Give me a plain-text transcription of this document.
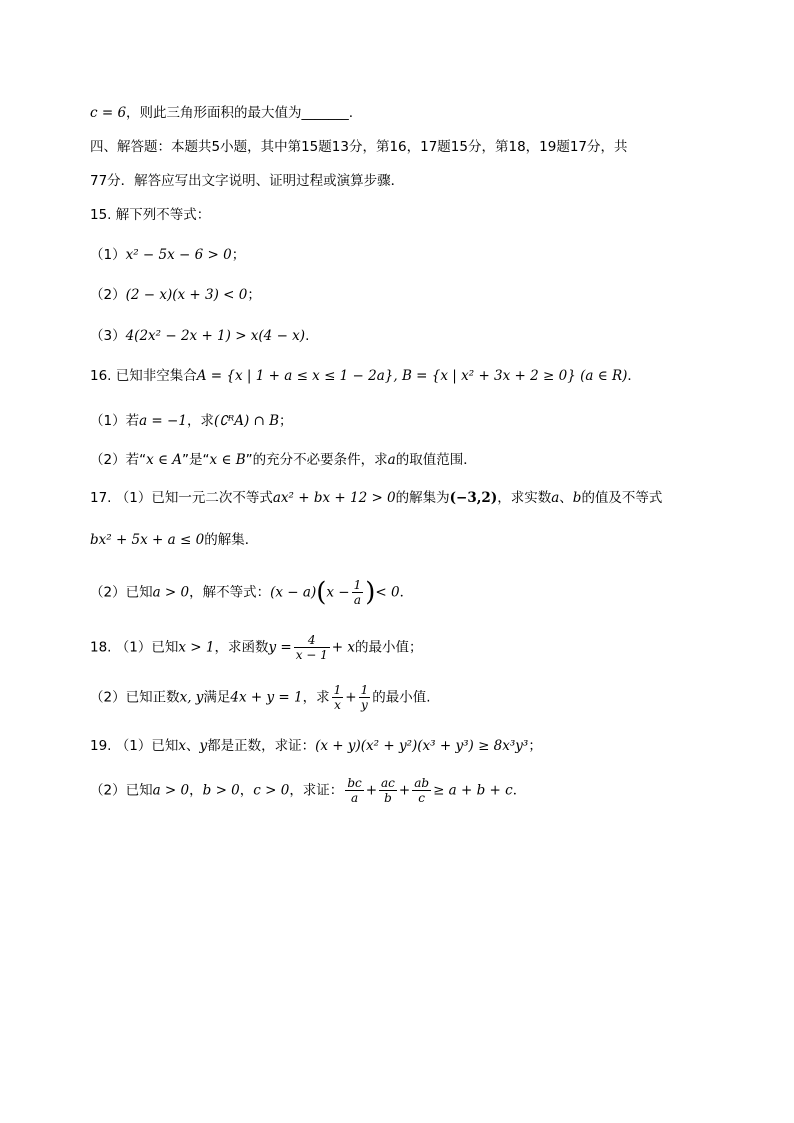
c = 6，则此三角形面积的最大值为_______.
四、解答题：本题共5小题，其中第15题13分，第16，17题15分，第18，19题17分，共
77分．解答应写出文字说明、证明过程或演算步骤．
15. 解下列不等式：
（1）x² − 5x − 6 > 0；
（2）(2 − x)(x + 3) < 0；
（3）4(2x² − 2x + 1) > x(4 − x).
16. 已知非空集合A = {x | 1 + a ≤ x ≤ 1 − 2a}, B = {x | x² + 3x + 2 ≥ 0} (a ∈ R)．
（1）若a = −1，求(∁ᴿA) ∩ B；
（2）若“x ∈ A”是“x ∈ B”的充分不必要条件，求a的取值范围．
17. （1）已知一元二次不等式ax² + bx + 12 > 0的解集为(−3,2)，求实数a、b的值及不等式
bx² + 5x + a ≤ 0的解集．
（2）已知a > 0，解不等式：$(x - a)(x - \frac{1}{a}$ )< 0．
18. （1）已知x > 1，求函数$y = \frac{4}{x - 1} + x$的最小值；
（2）已知正数x, y满足4x + y = 1，求 $\frac{1}{x} + \frac{1}{y}$ 的最小值.
19. （1）已知x、y都是正数，求证：(x + y)(x² + y²)(x³ + y³) ≥ 8x³y³；
（2）已知a > 0，b > 0，c > 0，求证： $\frac{bc}{a} + \frac{ac}{b} + \frac{ab}{c} \ge a + b + c$．
